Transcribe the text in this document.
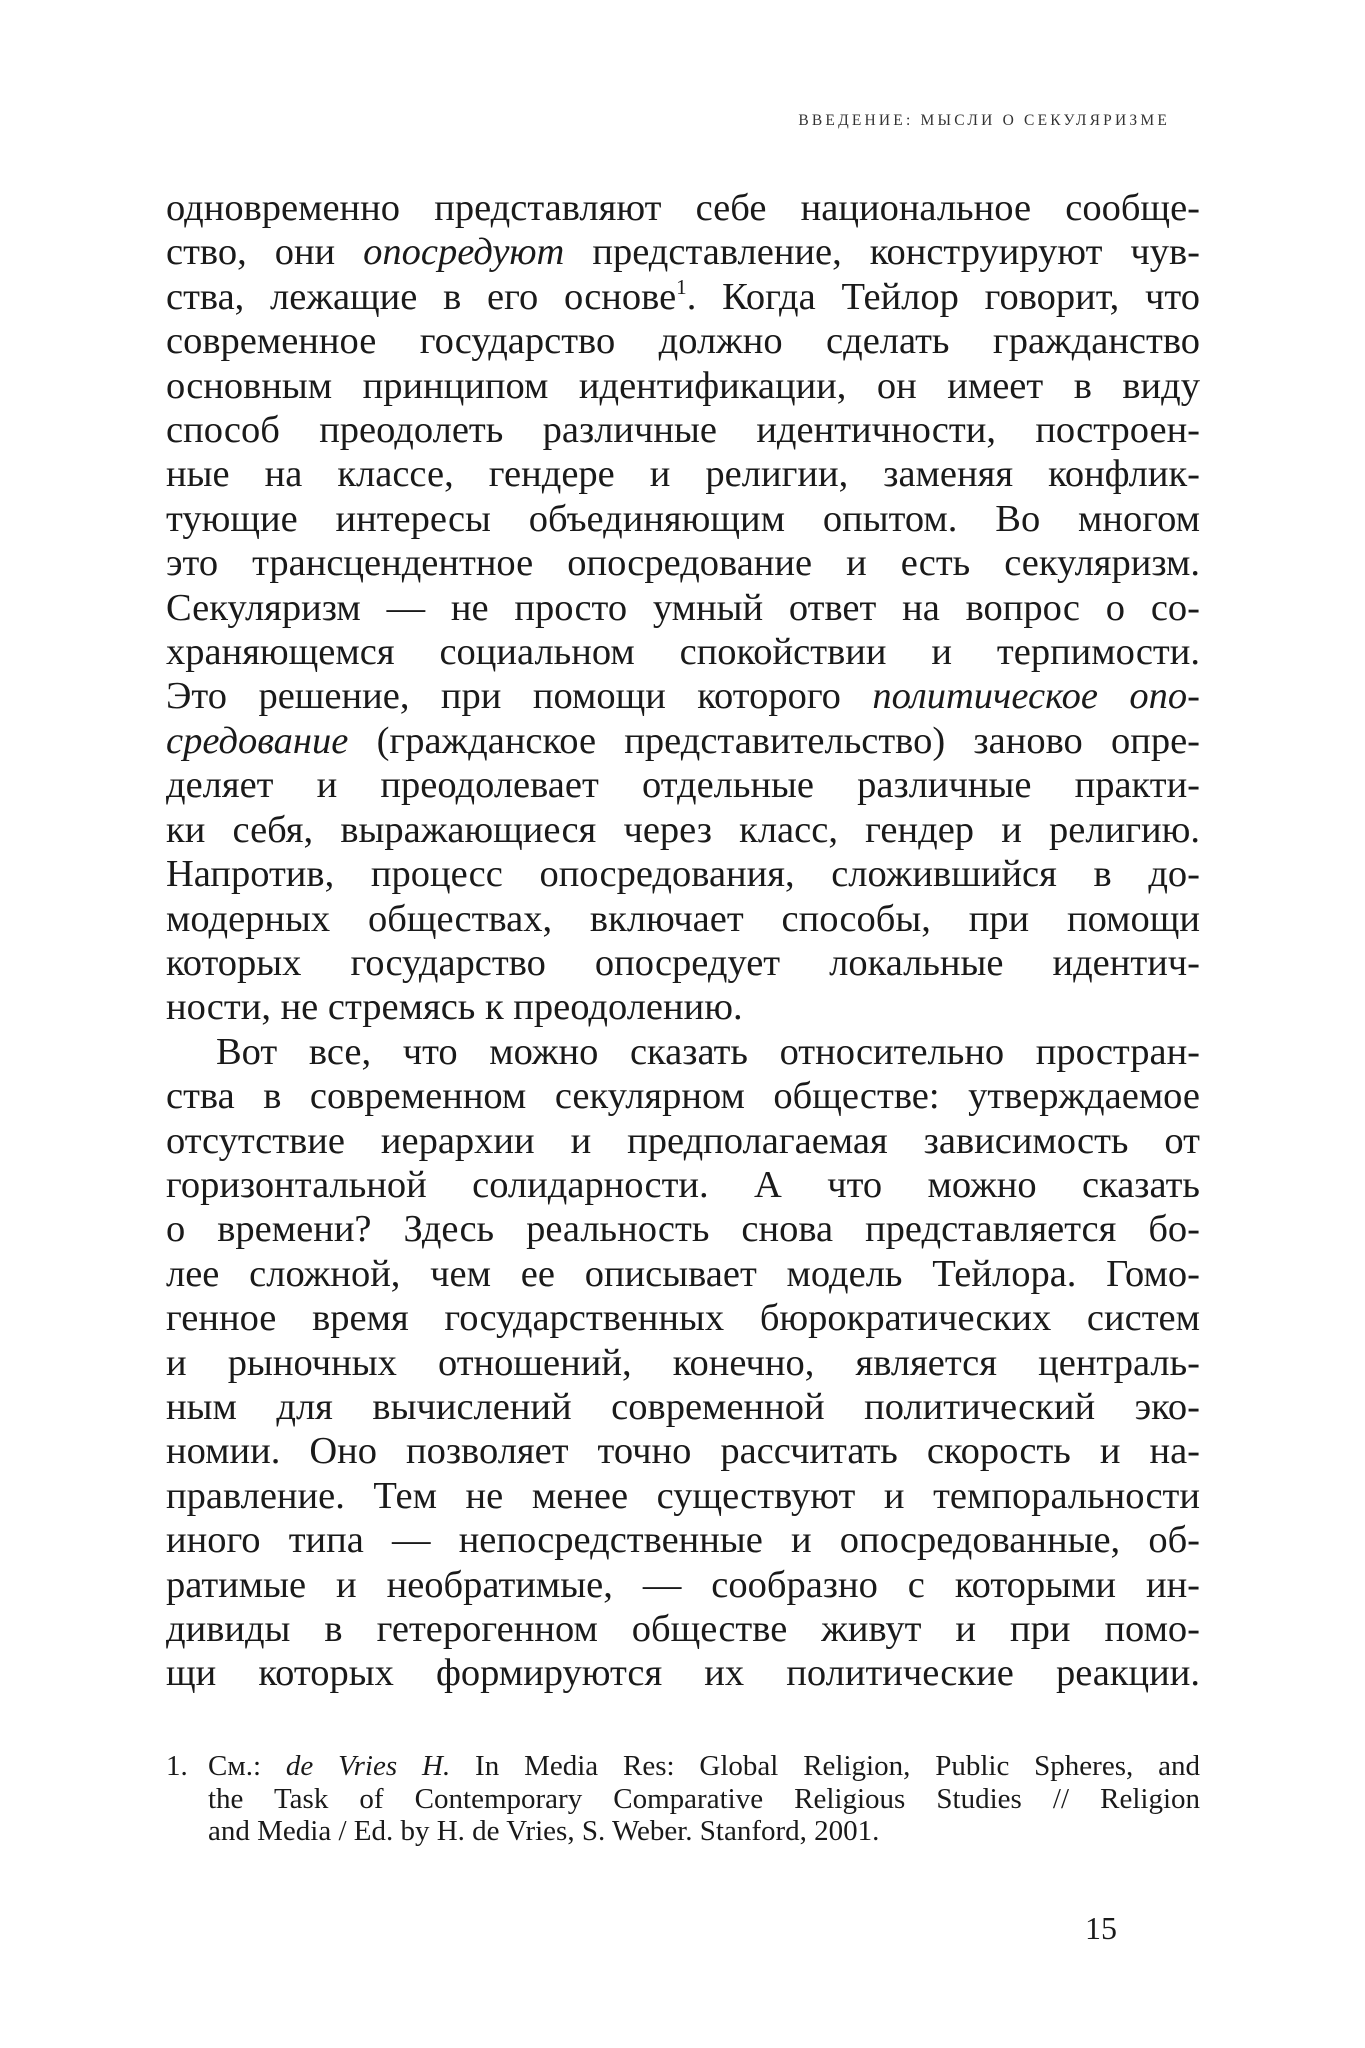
ВВЕДЕНИЕ: МЫСЛИ О СЕКУЛЯРИЗМЕ
одновременно представляют себе национальное сообще-
ство, они опосредуют представление, конструируют чув-
ства, лежащие в его основе$^1$. Когда Тейлор говорит, что
современное государство должно сделать гражданство
основным принципом идентификации, он имеет в виду
способ преодолеть различные идентичности, построен-
ные на классе, гендере и религии, заменяя конфлик-
тующие интересы объединяющим опытом. Во многом
это трансцендентное опосредование и есть секуляризм.
Секуляризм — не просто умный ответ на вопрос о со-
храняющемся социальном спокойствии и терпимости.
Это решение, при помощи которого политическое опо-
средование (гражданское представительство) заново опре-
деляет и преодолевает отдельные различные практи-
ки себя, выражающиеся через класс, гендер и религию.
Напротив, процесс опосредования, сложившийся в до-
модерных обществах, включает способы, при помощи
которых государство опосредует локальные идентич-
ности, не стремясь к преодолению.
Вот все, что можно сказать относительно простран-
ства в современном секулярном обществе: утверждаемое
отсутствие иерархии и предполагаемая зависимость от
горизонтальной солидарности. А что можно сказать
о времени? Здесь реальность снова представляется бо-
лее сложной, чем ее описывает модель Тейлора. Гомо-
генное время государственных бюрократических систем
и рыночных отношений, конечно, является централь-
ным для вычислений современной политический эко-
номии. Оно позволяет точно рассчитать скорость и на-
правление. Тем не менее существуют и темпоральности
иного типа — непосредственные и опосредованные, об-
ратимые и необратимые, — сообразно с которыми ин-
дивиды в гетерогенном обществе живут и при помо-
щи которых формируются их политические реакции.
1. См.: de Vries H. In Media Res: Global Religion, Public Spheres, and
the Task of Contemporary Comparative Religious Studies // Religion
and Media / Ed. by H. de Vries, S. Weber. Stanford, 2001.
15
